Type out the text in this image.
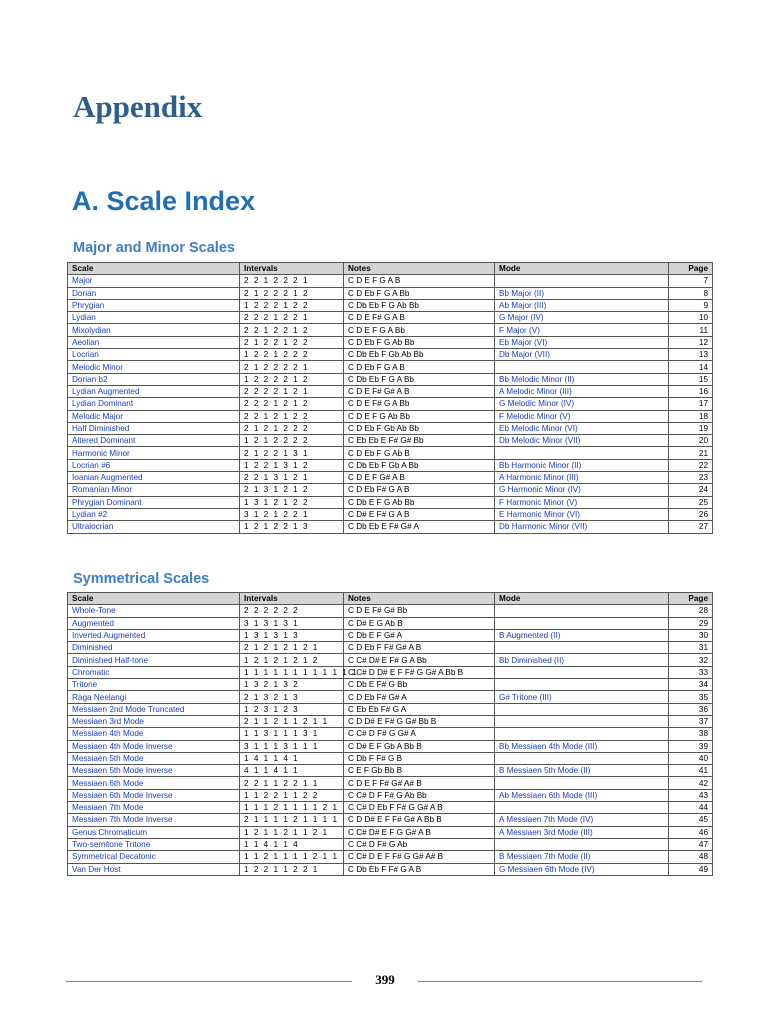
Appendix
A. Scale Index
Major and Minor Scales
Scale	Intervals	Notes	Mode	Page
Major	2 2 1 2 2 2 1	C D E F G A B		7
Dorian	2 1 2 2 2 1 2	C D Eb F G A Bb	Bb Major (II)	8
Phrygian	1 2 2 2 1 2 2	C Db Eb F G Ab Bb	Ab Major (III)	9
Lydian	2 2 2 1 2 2 1	C D E F# G A B	G Major (IV)	10
Mixolydian	2 2 1 2 2 1 2	C D E F G A Bb	F Major (V)	11
Aeolian	2 1 2 2 1 2 2	C D Eb F G Ab Bb	Eb Major (VI)	12
Locrian	1 2 2 1 2 2 2	C Db Eb F Gb Ab Bb	Db Major (VII)	13
Melodic Minor	2 1 2 2 2 2 1	C D Eb F G A B		14
Dorian b2	1 2 2 2 2 1 2	C Db Eb F G A Bb	Bb Melodic Minor (II)	15
Lydian Augmented	2 2 2 2 1 2 1	C D E F# G# A B	A Melodic Minor (III)	16
Lydian Dominant	2 2 2 1 2 1 2	C D E F# G A Bb	G Melodic Minor (IV)	17
Melodic Major	2 2 1 2 1 2 2	C D E F G Ab Bb	F Melodic Minor (V)	18
Half Diminished	2 1 2 1 2 2 2	C D Eb F Gb Ab Bb	Eb Melodic Minor (VI)	19
Altered Dominant	1 2 1 2 2 2 2	C Eb Eb E F# G# Bb	Db Melodic Minor (VII)	20
Harmonic Minor	2 1 2 2 1 3 1	C D Eb F G Ab B		21
Locrian #6	1 2 2 1 3 1 2	C Db Eb F Gb A Bb	Bb Harmonic Minor (II)	22
Ioanian Augmented	2 2 1 3 1 2 1	C D E F G# A B	A Harmonic Minor (III)	23
Romanian Minor	2 1 3 1 2 1 2	C D Eb F# G A B	G Harmonic Minor (IV)	24
Phrygian Dominant	1 3 1 2 1 2 2	C Db E F G Ab Bb	F Harmonic Minor (V)	25
Lydian #2	3 1 2 1 2 2 1	C D# E F# G A B	E Harmonic Minor (VI)	26
Ultralocrian	1 2 1 2 2 1 3	C Db Eb E F# G# A	Db Harmonic Minor (VII)	27
Symmetrical Scales
Scale	Intervals	Notes	Mode	Page
Whole-Tone	2 2 2 2 2 2	C D E F# G# Bb		28
Augmented	3 1 3 1 3 1	C D# E G Ab B		29
Inverted Augmented	1 3 1 3 1 3	C Db E F G# A	B Augmented (II)	30
Diminished	2 1 2 1 2 1 2 1	C D Eb F F# G# A B		31
Diminished Half-tone	1 2 1 2 1 2 1 2	C C# D# E F# G A Bb	Bb Diminished (II)	32
Chromatic	1 1 1 1 1 1 1 1 1 1 1 1	C C# D D# E F F# G G# A Bb B		33
Tritone	1 3 2 1 3 2	C Db E F# G Bb		34
Raga Neelangi	2 1 3 2 1 3	C D Eb F# G# A	G# Tritone (III)	35
Messiaen 2nd Mode Truncated	1 2 3 1 2 3	C Eb Eb F# G A		36
Messiaen 3rd Mode	2 1 1 2 1 1 2 1 1	C D D# E F# G G# Bb B		37
Messiaen 4th Mode	1 1 3 1 1 1 3 1	C C# D F# G G# A		38
Messiaen 4th Mode Inverse	3 1 1 1 3 1 1 1	C D# E F Gb A Bb B	Bb Messiaen 4th Mode (III)	39
Messiaen 5th Mode	1 4 1 1 4 1	C Db F F# G B		40
Messiaen 5th Mode Inverse	4 1 1 4 1 1	C E F Gb Bb B	B Messiaen 5th Mode (II)	41
Messiaen 6th Mode	2 2 1 1 2 2 1 1	C D E F F# G# A# B		42
Messiaen 6th Mode Inverse	1 1 2 2 1 1 2 2	C C# D F F# G Ab Bb	Ab Messiaen 6th Mode (III)	43
Messiaen 7th Mode	1 1 1 2 1 1 1 1 2 1	C C# D Eb F F# G G# A B		44
Messiaen 7th Mode Inverse	2 1 1 1 1 2 1 1 1 1	C D D# E F F# G# A Bb B	A Messiaen 7th Mode (IV)	45
Genus Chromaticum	1 2 1 1 2 1 1 2 1	C C# D# E F G G# A B	A Messiaen 3rd Mode (III)	46
Two-semitone Tritone	1 1 4 1 1 4	C C# D F# G Ab		47
Symmetrical Decatonic	1 1 2 1 1 1 1 2 1 1	C C# D E F F# G G# A# B	B Messiaen 7th Mode (II)	48
Van Der Host	1 2 2 1 1 2 2 1	C Db Eb F F# G A B	G Messiaen 6th Mode (IV)	49
399
